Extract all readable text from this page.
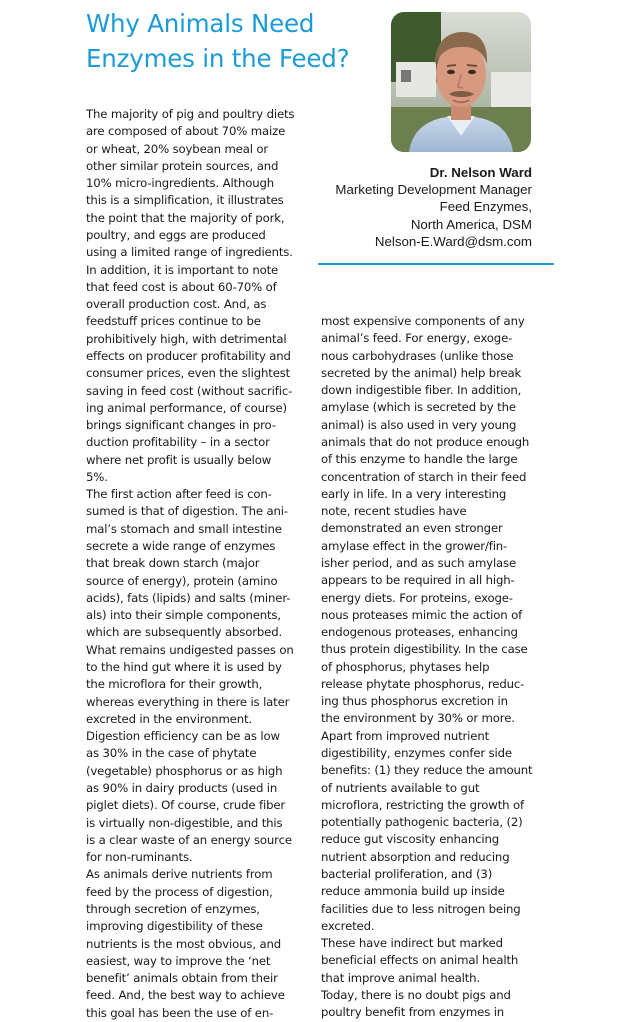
Why Animals Need
Enzymes in the Feed?
Dr. Nelson Ward
Marketing Development Manager
Feed Enzymes,
North America, DSM
Nelson-E.Ward@dsm.com
The majority of pig and poultry diets
are composed of about 70% maize
or wheat, 20% soybean meal or
other similar protein sources, and
10% micro-ingredients. Although
this is a simplification, it illustrates
the point that the majority of pork,
poultry, and eggs are produced
using a limited range of ingredients.
In addition, it is important to note
that feed cost is about 60-70% of
overall production cost. And, as
feedstuff prices continue to be
prohibitively high, with detrimental
effects on producer profitability and
consumer prices, even the slightest
saving in feed cost (without sacrific-
ing animal performance, of course)
brings significant changes in pro-
duction profitability – in a sector
where net profit is usually below
5%.
The first action after feed is con-
sumed is that of digestion. The ani-
mal’s stomach and small intestine
secrete a wide range of enzymes
that break down starch (major
source of energy), protein (amino
acids), fats (lipids) and salts (miner-
als) into their simple components,
which are subsequently absorbed.
What remains undigested passes on
to the hind gut where it is used by
the microflora for their growth,
whereas everything in there is later
excreted in the environment.
Digestion efficiency can be as low
as 30% in the case of phytate
(vegetable) phosphorus or as high
as 90% in dairy products (used in
piglet diets). Of course, crude fiber
is virtually non-digestible, and this
is a clear waste of an energy source
for non-ruminants.
As animals derive nutrients from
feed by the process of digestion,
through secretion of enzymes,
improving digestibility of these
nutrients is the most obvious, and
easiest, way to improve the ‘net
benefit’ animals obtain from their
feed. And, the best way to achieve
this goal has been the use of en-
most expensive components of any
animal’s feed. For energy, exoge-
nous carbohydrases (unlike those
secreted by the animal) help break
down indigestible fiber. In addition,
amylase (which is secreted by the
animal) is also used in very young
animals that do not produce enough
of this enzyme to handle the large
concentration of starch in their feed
early in life. In a very interesting
note, recent studies have
demonstrated an even stronger
amylase effect in the grower/fin-
isher period, and as such amylase
appears to be required in all high-
energy diets. For proteins, exoge-
nous proteases mimic the action of
endogenous proteases, enhancing
thus protein digestibility. In the case
of phosphorus, phytases help
release phytate phosphorus, reduc-
ing thus phosphorus excretion in
the environment by 30% or more.
Apart from improved nutrient
digestibility, enzymes confer side
benefits: (1) they reduce the amount
of nutrients available to gut
microflora, restricting the growth of
potentially pathogenic bacteria, (2)
reduce gut viscosity enhancing
nutrient absorption and reducing
bacterial proliferation, and (3)
reduce ammonia build up inside
facilities due to less nitrogen being
excreted.
These have indirect but marked
beneficial effects on animal health
that improve animal health.
Today, there is no doubt pigs and
poultry benefit from enzymes in
